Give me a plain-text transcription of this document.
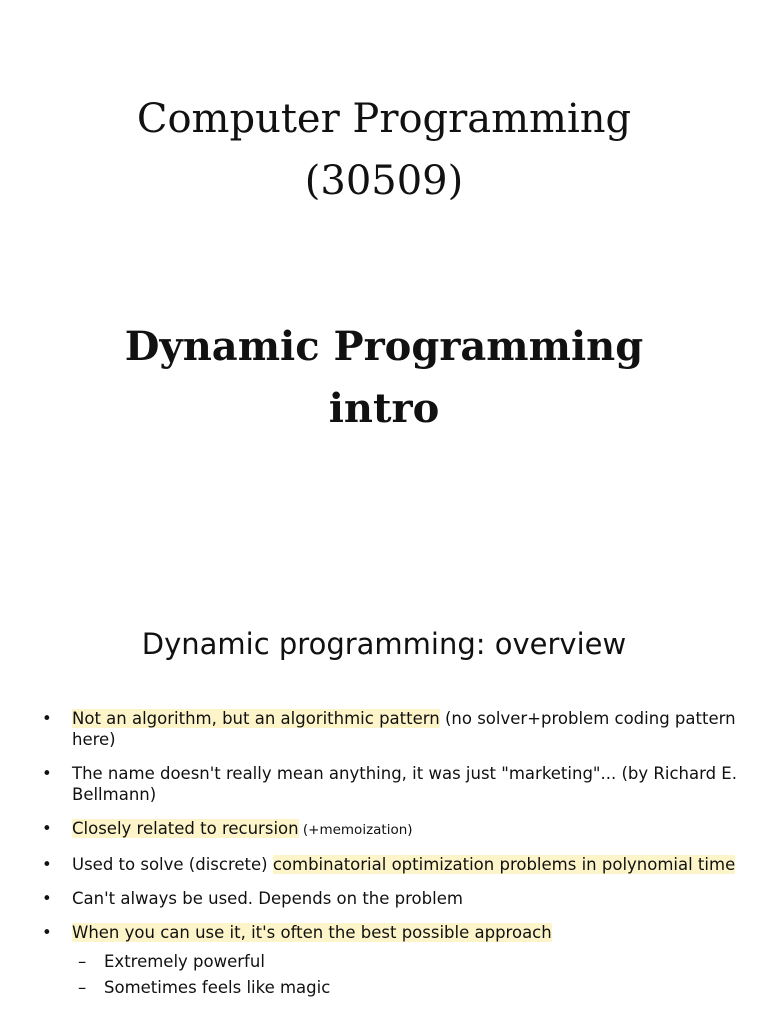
Computer Programming
(30509)
Dynamic Programming
intro
Dynamic programming: overview
• Not an algorithm, but an algorithmic pattern (no solver+problem coding pattern here)
• The name doesn't really mean anything, it was just "marketing"... (by Richard E. Bellmann)
• Closely related to recursion (+memoization)
• Used to solve (discrete) combinatorial optimization problems in polynomial time
• Can't always be used. Depends on the problem
• When you can use it, it's often the best possible approach
– Extremely powerful
– Sometimes feels like magic
